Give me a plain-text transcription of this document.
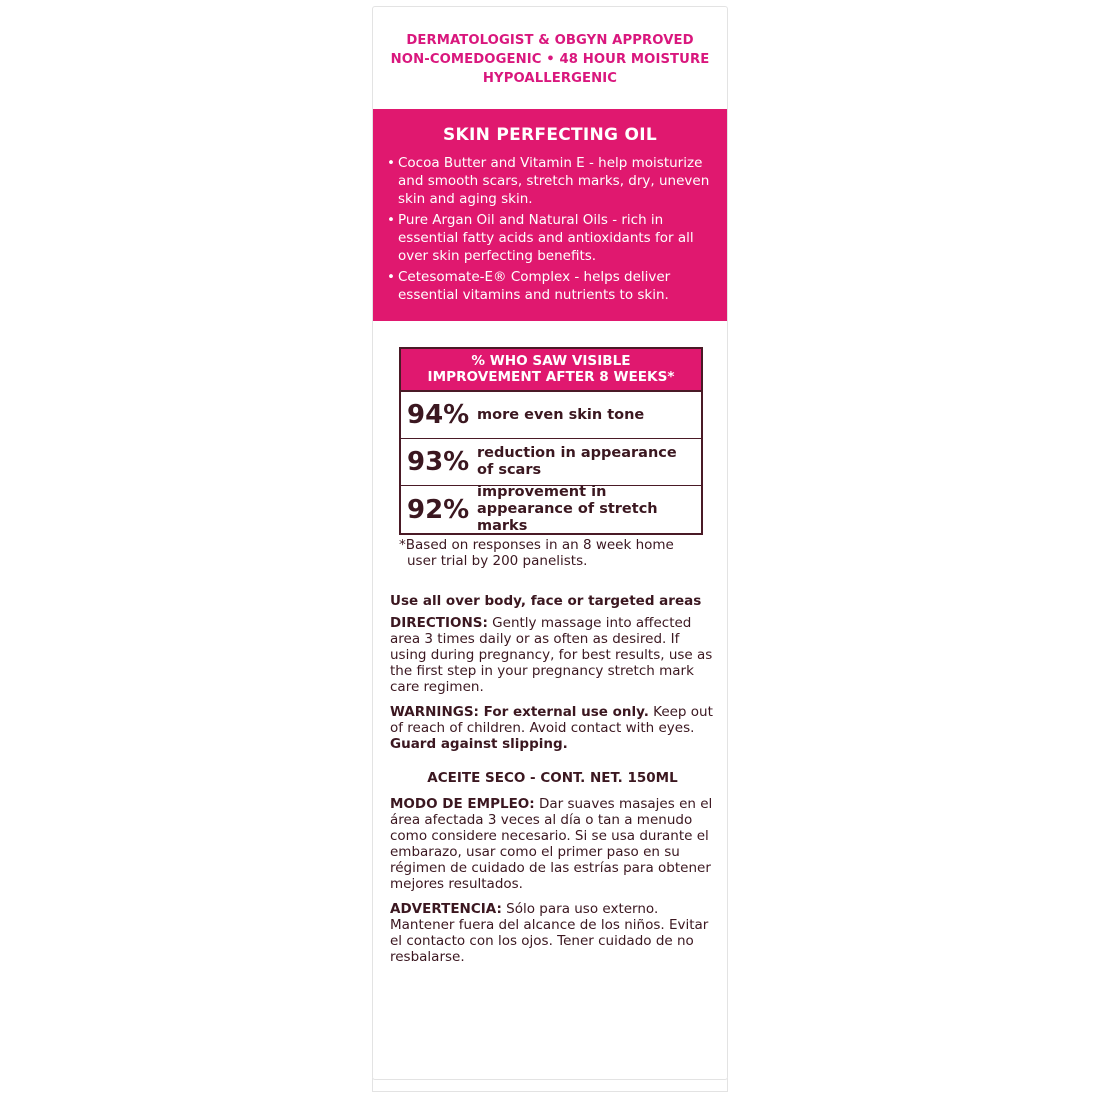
DERMATOLOGIST & OBGYN APPROVED
NON-COMEDOGENIC • 48 HOUR MOISTURE
HYPOALLERGENIC
SKIN PERFECTING OIL
• Cocoa Butter and Vitamin E - help moisturize and smooth scars, stretch marks, dry, uneven skin and aging skin.
• Pure Argan Oil and Natural Oils - rich in essential fatty acids and antioxidants for all over skin perfecting benefits.
• Cetesomate-E® Complex - helps deliver essential vitamins and nutrients to skin.
% WHO SAW VISIBLE
IMPROVEMENT AFTER 8 WEEKS*
94% more even skin tone
93% reduction in appearance of scars
92%
improvement in appearance of stretch marks
*Based on responses in an 8 week home
user trial by 200 panelists.
Use all over body, face or targeted areas
DIRECTIONS: Gently massage into affected area 3 times daily or as often as desired. If using during pregnancy, for best results, use as the first step in your pregnancy stretch mark care regimen.
WARNINGS: For external use only. Keep out of reach of children. Avoid contact with eyes.
Guard against slipping.
ACEITE SECO - CONT. NET. 150ML
MODO DE EMPLEO: Dar suaves masajes en el área afectada 3 veces al día o tan a menudo como considere necesario. Si se usa durante el embarazo, usar como el primer paso en su régimen de cuidado de las estrías para obtener mejores resultados.
ADVERTENCIA: Sólo para uso externo. Mantener fuera del alcance de los niños. Evitar el contacto con los ojos. Tener cuidado de no resbalarse.
